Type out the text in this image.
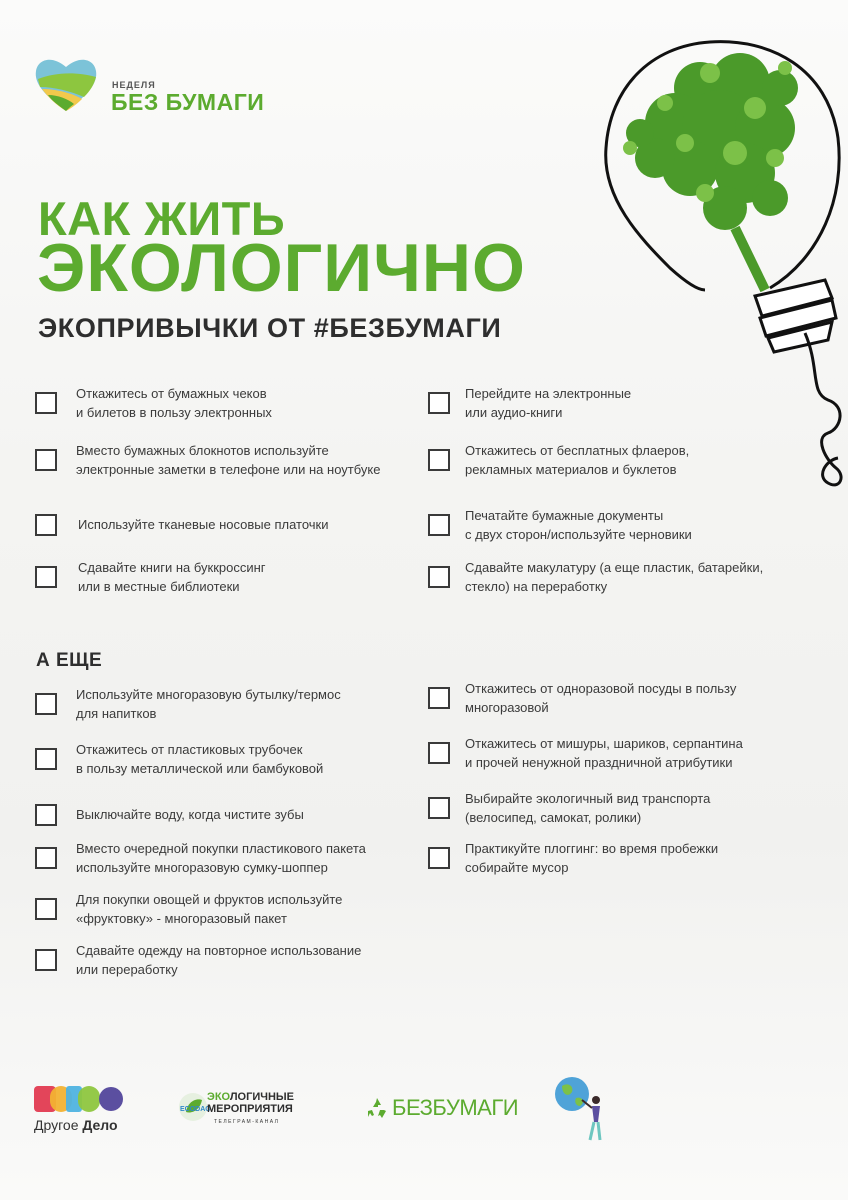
НЕДЕЛЯ
БЕЗ БУМАГИ
КАК ЖИТЬ
ЭКОЛОГИЧНО
ЭКОПРИВЫЧКИ ОТ #БЕЗБУМАГИ
Откажитесь от бумажных чеков
и билетов в пользу электронных
Вместо бумажных блокнотов используйте
электронные заметки в телефоне или на ноутбуке
Используйте тканевые носовые платочки
Сдавайте книги на буккроссинг
или в местные библиотеки
Перейдите на электронные
или аудио-книги
Откажитесь от бесплатных флаеров,
рекламных материалов и буклетов
Печатайте бумажные документы
с двух сторон/используйте черновики
Сдавайте макулатуру (а еще пластик, батарейки,
стекло) на переработку
А ЕЩЕ
Используйте многоразовую бутылку/термос
для напитков
Откажитесь от пластиковых трубочек
в пользу металлической или бамбуковой
Выключайте воду, когда чистите зубы
Вместо очередной покупки пластикового пакета
используйте многоразовую сумку-шоппер
Для покупки овощей и фруктов используйте
«фруктовку» - многоразовый пакет
Сдавайте одежду на повторное использование
или переработку
Откажитесь от одноразовой посуды в пользу
многоразовой
Откажитесь от мишуры, шариков, серпантина
и прочей ненужной праздничной атрибутики
Выбирайте экологичный вид транспорта
(велосипед, самокат, ролики)
Практикуйте плоггинг: во время пробежки
собирайте мусор
Другое Дело
ECODAO
ЭКОЛОГИЧНЫЕ
МЕРОПРИЯТИЯ
ТЕЛЕГРАМ-КАНАЛ
БЕЗБУМАГИ
